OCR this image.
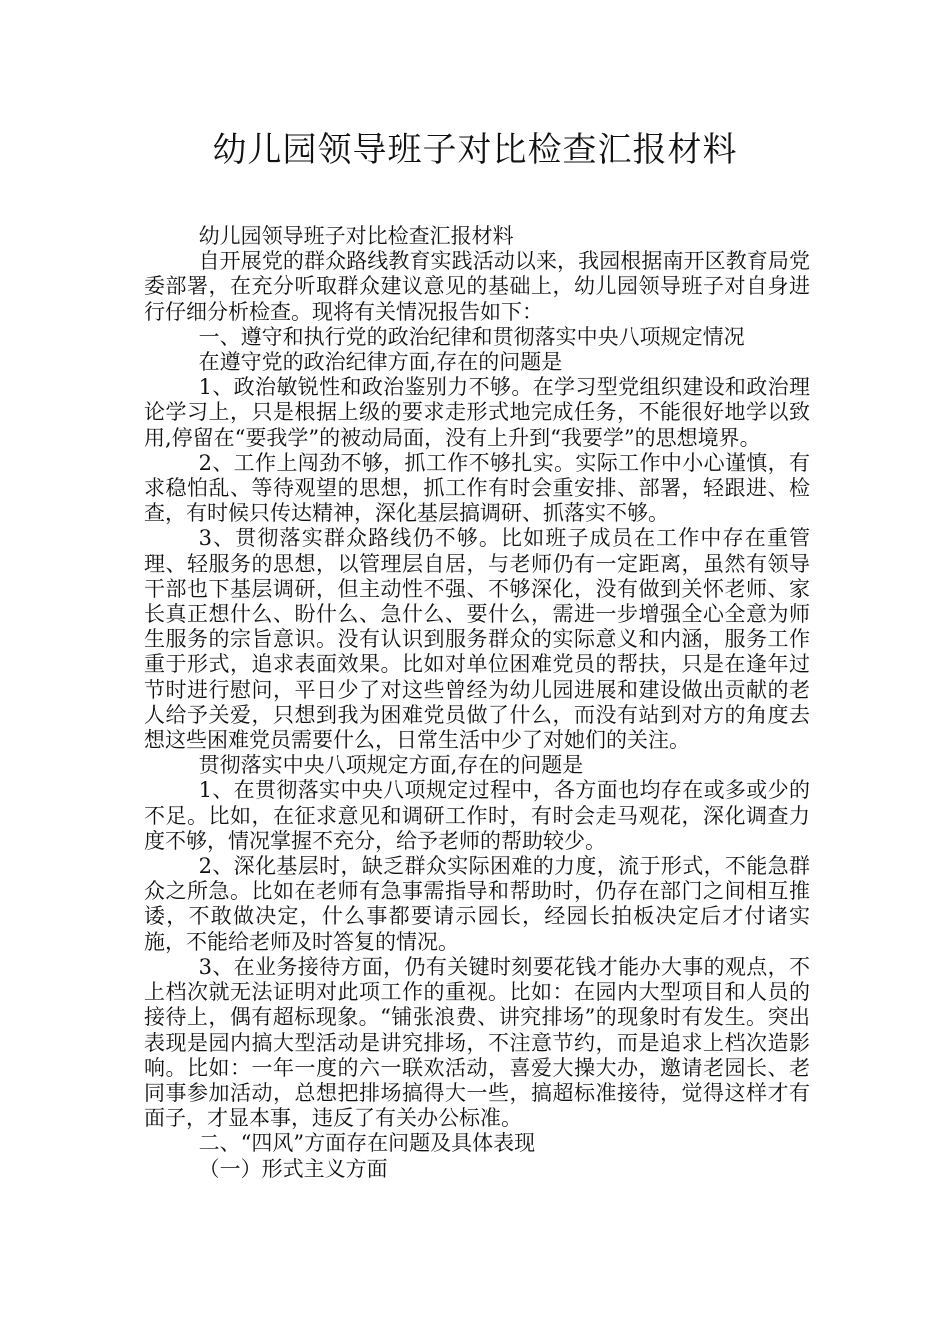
幼儿园领导班子对比检查汇报材料

幼儿园领导班子对比检查汇报材料

自开展党的群众路线教育实践活动以来，我园根据南开区教育局党委部署，在充分听取群众建议意见的基础上，幼儿园领导班子对自身进行仔细分析检查。现将有关情况报告如下：

一、遵守和执行党的政治纪律和贯彻落实中央八项规定情况

在遵守党的政治纪律方面,存在的问题是

1、政治敏锐性和政治鉴别力不够。在学习型党组织建设和政治理论学习上，只是根据上级的要求走形式地完成任务，不能很好地学以致用,停留在“要我学”的被动局面，没有上升到“我要学”的思想境界。

2、工作上闯劲不够，抓工作不够扎实。实际工作中小心谨慎，有求稳怕乱、等待观望的思想，抓工作有时会重安排、部署，轻跟进、检查，有时候只传达精神，深化基层搞调研、抓落实不够。

3、贯彻落实群众路线仍不够。比如班子成员在工作中存在重管理、轻服务的思想，以管理层自居，与老师仍有一定距离，虽然有领导干部也下基层调研，但主动性不强、不够深化，没有做到关怀老师、家长真正想什么、盼什么、急什么、要什么，需进一步增强全心全意为师生服务的宗旨意识。没有认识到服务群众的实际意义和内涵，服务工作重于形式，追求表面效果。比如对单位困难党员的帮扶，只是在逢年过节时进行慰问，平日少了对这些曾经为幼儿园进展和建设做出贡献的老人给予关爱，只想到我为困难党员做了什么，而没有站到对方的角度去想这些困难党员需要什么，日常生活中少了对她们的关注。

贯彻落实中央八项规定方面,存在的问题是

1、在贯彻落实中央八项规定过程中，各方面也均存在或多或少的不足。比如，在征求意见和调研工作时，有时会走马观花，深化调查力度不够，情况掌握不充分，给予老师的帮助较少。

2、深化基层时，缺乏群众实际困难的力度，流于形式，不能急群众之所急。比如在老师有急事需指导和帮助时，仍存在部门之间相互推诿，不敢做决定，什么事都要请示园长，经园长拍板决定后才付诸实施，不能给老师及时答复的情况。

3、在业务接待方面，仍有关键时刻要花钱才能办大事的观点，不上档次就无法证明对此项工作的重视。比如：在园内大型项目和人员的接待上，偶有超标现象。“铺张浪费、讲究排场”的现象时有发生。突出表现是园内搞大型活动是讲究排场，不注意节约，而是追求上档次造影响。比如：一年一度的六一联欢活动，喜爱大操大办，邀请老园长、老同事参加活动，总想把排场搞得大一些，搞超标准接待，觉得这样才有面子，才显本事，违反了有关办公标准。

二、“四风”方面存在问题及具体表现

（一）形式主义方面
